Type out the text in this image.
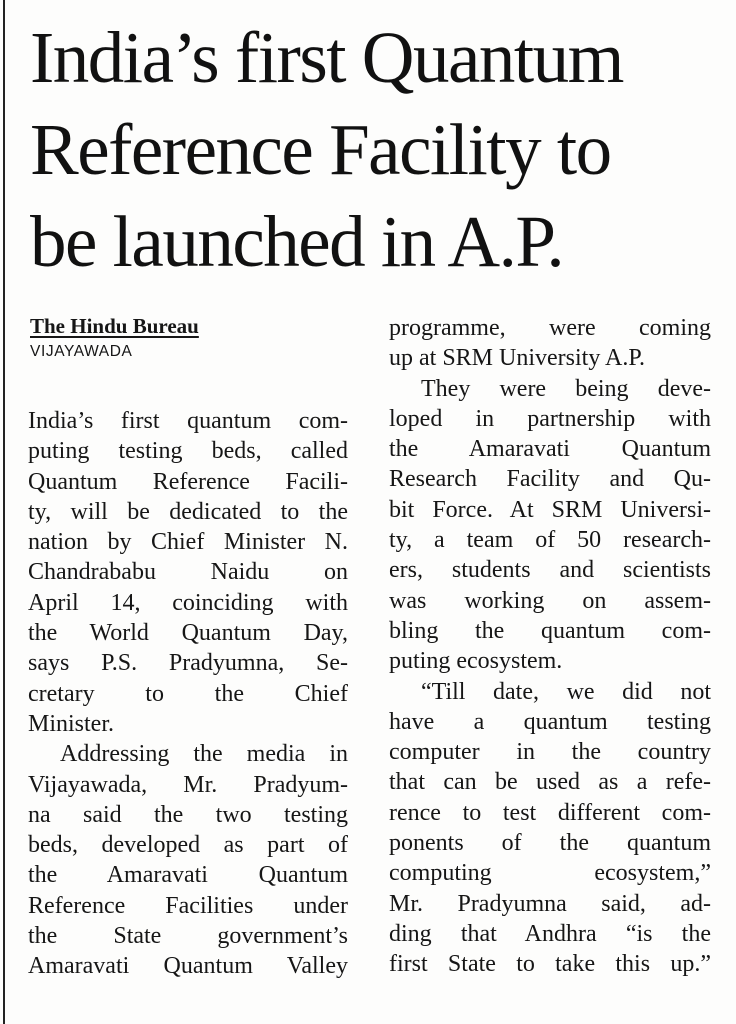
India’s first Quantum
Reference Facility to
be launched in A.P.
The Hindu Bureau
VIJAYAWADA
India’s first quantum com-
puting testing beds, called
Quantum Reference Facili-
ty, will be dedicated to the
nation by Chief Minister N.
Chandrababu Naidu on
April 14, coinciding with
the World Quantum Day,
says P.S. Pradyumna, Se-
cretary to the Chief
Minister.
Addressing the media in
Vijayawada, Mr. Pradyum-
na said the two testing
beds, developed as part of
the Amaravati Quantum
Reference Facilities under
the State government’s
Amaravati Quantum Valley
programme, were coming
up at SRM University A.P.
They were being deve-
loped in partnership with
the Amaravati Quantum
Research Facility and Qu-
bit Force. At SRM Universi-
ty, a team of 50 research-
ers, students and scientists
was working on assem-
bling the quantum com-
puting ecosystem.
“Till date, we did not
have a quantum testing
computer in the country
that can be used as a refe-
rence to test different com-
ponents of the quantum
computing ecosystem,”
Mr. Pradyumna said, ad-
ding that Andhra “is the
first State to take this up.”
